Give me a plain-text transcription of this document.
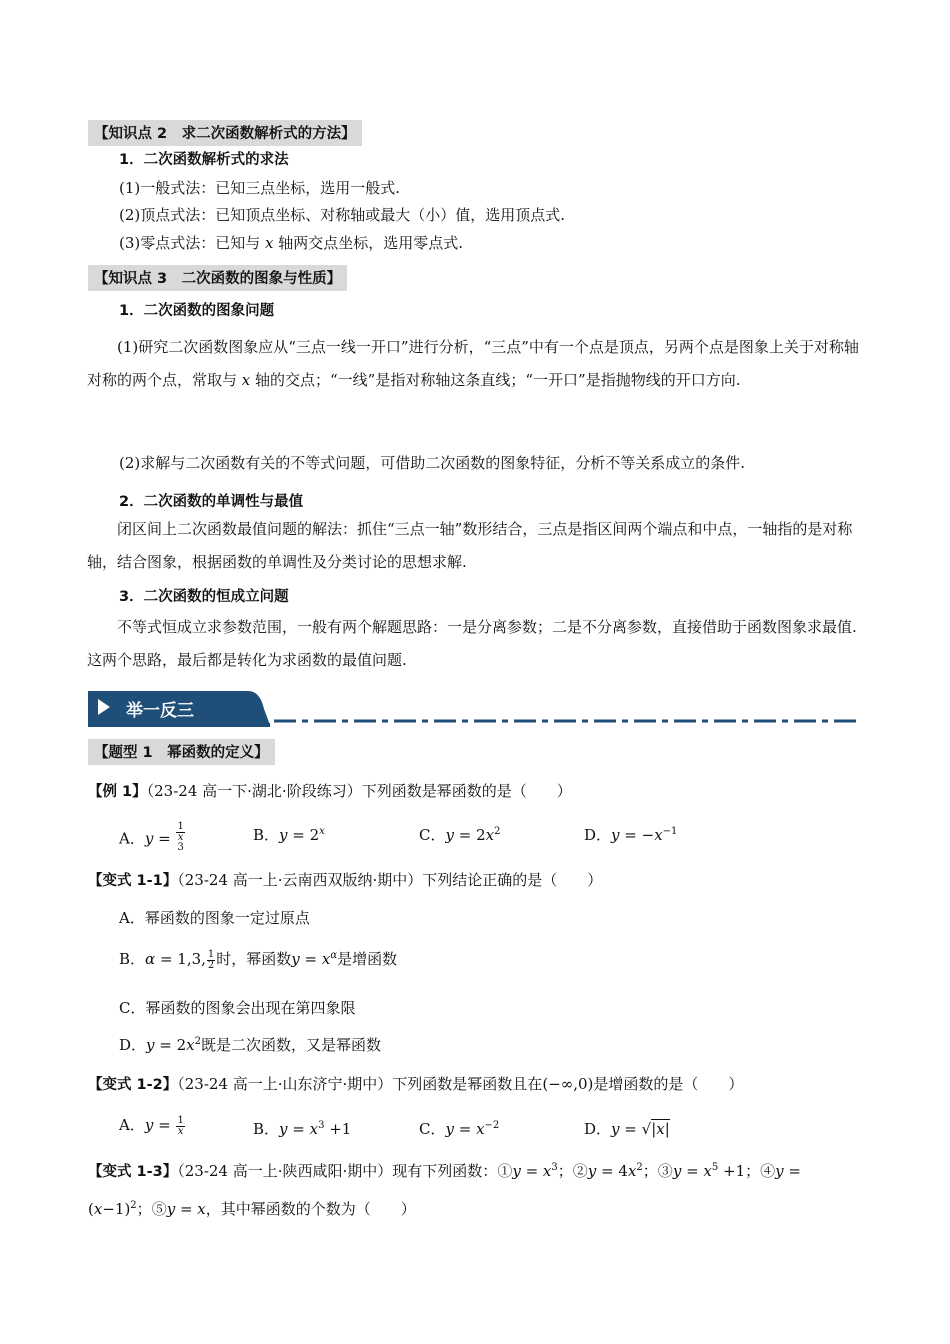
【知识点 2　求二次函数解析式的方法】
1．二次函数解析式的求法
(1)一般式法：已知三点坐标，选用一般式.
(2)顶点式法：已知顶点坐标、对称轴或最大（小）值，选用顶点式.
(3)零点式法：已知与 x 轴两交点坐标，选用零点式.
【知识点 3　二次函数的图象与性质】
1．二次函数的图象问题
(1)研究二次函数图象应从“三点一线一开口”进行分析，“三点”中有一个点是顶点，另两个点是图象上关于对称轴对称的两个点，常取与 x 轴的交点；“一线”是指对称轴这条直线；“一开口”是指抛物线的开口方向.
(2)求解与二次函数有关的不等式问题，可借助二次函数的图象特征，分析不等关系成立的条件.
2．二次函数的单调性与最值
闭区间上二次函数最值问题的解法：抓住“三点一轴”数形结合，三点是指区间两个端点和中点，一轴指的是对称轴，结合图象，根据函数的单调性及分类讨论的思想求解.
3．二次函数的恒成立问题
不等式恒成立求参数范围，一般有两个解题思路：一是分离参数；二是不分离参数，直接借助于函数图象求最值.这两个思路，最后都是转化为求函数的最值问题.
举一反三
【题型 1　幂函数的定义】
【例 1】（23-24 高一下·湖北·阶段练习）下列函数是幂函数的是（　　）
A．y = 1
x
$^3$	B．$y = 2^x$	C．$y = 2x^2$	D．$y = -x^{-1}$
【变式 1-1】（23-24 高一上·云南西双版纳·期中）下列结论正确的是（　　）
A．幂函数的图象一定过原点
B．α = 1,3, $\frac{1}{2}$ 时，幂函数$y = x^\alpha$是增函数
C．幂函数的图象会出现在第四象限
D．$y = 2x^2$既是二次函数，又是幂函数
【变式 1-2】（23-24 高一上·山东济宁·期中）下列函数是幂函数且在(−∞,0)是增函数的是（　　）
A．$y = \frac{1}{x}$	B．$y = x^3 +1$	C．$y = x^{-2}$	D．y = √|x|
【变式 1-3】（23-24 高一上·陕西咸阳·期中）现有下列函数：①y = $x^3$；②y = $4x^2$；③y = $x^5 +1$；④y =
$(x-1)^2$；⑤y = x，其中幂函数的个数为（　　）
